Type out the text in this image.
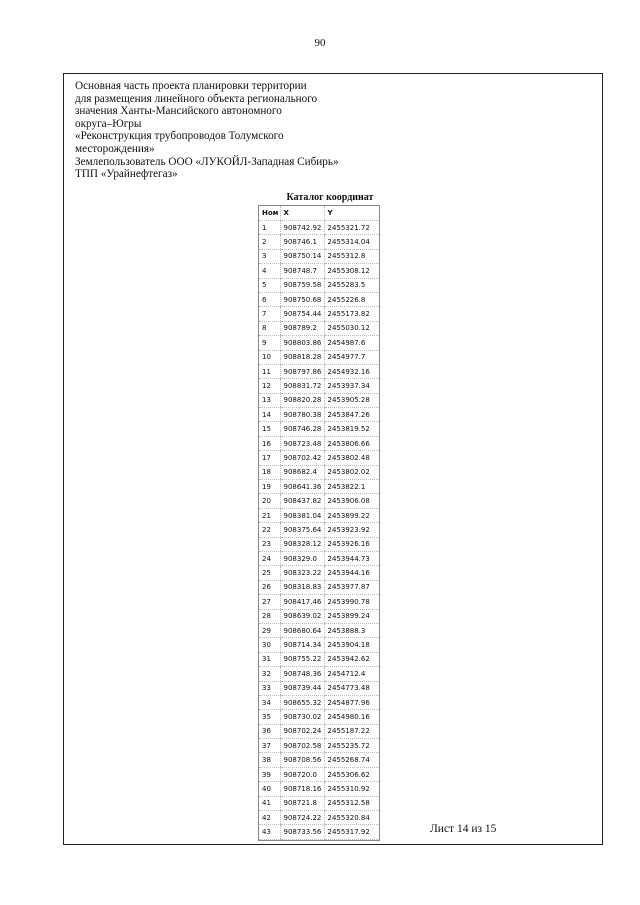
90
Основная часть проекта планировки территории
для размещения линейного объекта регионального
значения Ханты-Мансийского автономного
округа–Югры
«Реконструкция трубопроводов Толумского
месторождения»
Землепользователь ООО «ЛУКОЙЛ-Западная Сибирь»
ТПП «Урайнефтегаз»
Каталог координат
Ном	X	Y
1	908742.92	2455321.72
2	908746.1	2455314.04
3	908750.14	2455312.8
4	908748.7	2455308.12
5	908759.58	2455283.5
6	908750.68	2455226.8
7	908754.44	2455173.82
8	908789.2	2455030.12
9	908803.86	2454987.6
10	908818.28	2454977.7
11	908797.86	2454932.16
12	908831.72	2453937.34
13	908820.28	2453905.28
14	908780.38	2453847.26
15	908746.28	2453819.52
16	908723.48	2453806.66
17	908702.42	2453802.48
18	908682.4	2453802.02
19	908641.36	2453822.1
20	908437.82	2453906.08
21	908381.04	2453899.22
22	908375.64	2453923.92
23	908328.12	2453926.16
24	908329.0	2453944.73
25	908323.22	2453944.16
26	908318.83	2453977.87
27	908417.46	2453990.78
28	908639.02	2453899.24
29	908680.64	2453888.3
30	908714.34	2453904.18
31	908755.22	2453942.62
32	908748.36	2454712.4
33	908739.44	2454773.48
34	908655.32	2454877.96
35	908730.02	2454980.16
36	908702.24	2455187.22
37	908702.58	2455235.72
38	908708.56	2455268.74
39	908720.0	2455306.62
40	908718.16	2455310.92
41	908721.8	2455312.58
42	908724.22	2455320.84
43	908733.56	2455317.92	Лист 14 из 15
